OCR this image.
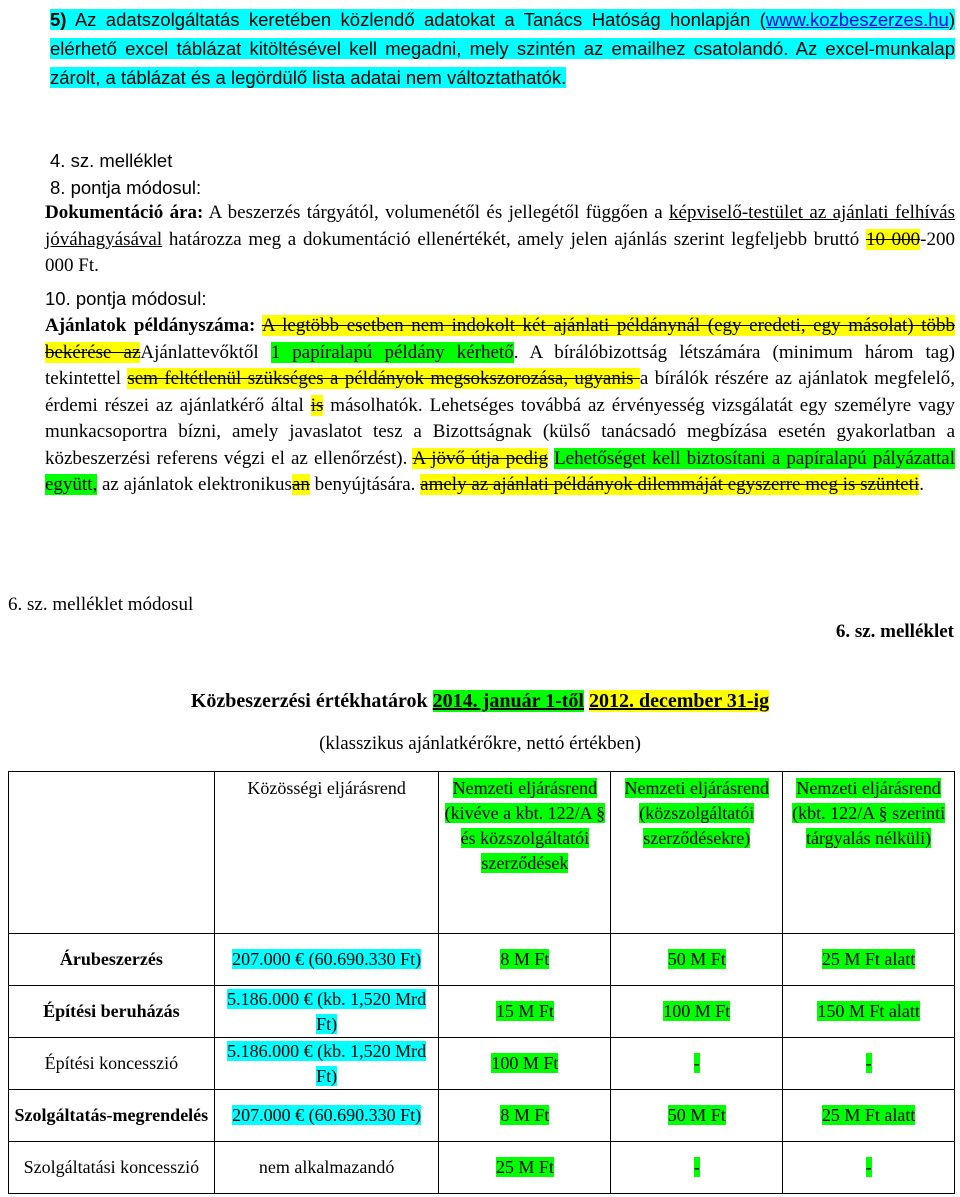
5) Az adatszolgáltatás keretében közlendő adatokat a Tanács Hatóság honlapján (www.kozbeszerzes.hu) elérhető excel táblázat kitöltésével kell megadni, mely szintén az emailhez csatolandó. Az excel-munkalap zárolt, a táblázat és a legördülő lista adatai nem változtathatók.
4. sz. melléklet
8. pontja módosul:
Dokumentáció ára: A beszerzés tárgyától, volumenétől és jellegétől függően a képviselő-testület az ajánlati felhívás jóváhagyásával határozza meg a dokumentáció ellenértékét, amely jelen ajánlás szerint legfeljebb bruttó 10 000-200 000 Ft.
10. pontja módosul:
Ajánlatok példányszáma: A legtöbb esetben nem indokolt két ajánlati példánynál (egy eredeti, egy másolat) több bekérése azAjánlattevőktől 1 papíralapú példány kérhető. A bírálóbizottság létszámára (minimum három tag) tekintettel sem feltétlenül szükséges a példányok megsokszorozása, ugyanis a bírálók részére az ajánlatok megfelelő, érdemi részei az ajánlatkérő által is másolhatók. Lehetséges továbbá az érvényesség vizsgálatát egy személyre vagy munkacsoportra bízni, amely javaslatot tesz a Bizottságnak (külső tanácsadó megbízása esetén gyakorlatban a közbeszerzési referens végzi el az ellenőrzést). A jövő útja pedig Lehetőséget kell biztosítani a papíralapú pályázattal együtt, az ajánlatok elektronikusan benyújtására. amely az ajánlati példányok dilemmáját egyszerre meg is szünteti.
6. sz. melléklet módosul
6. sz. melléklet
Közbeszerzési értékhatárok 2014. január 1-től 2012. december 31-ig
(klasszikus ajánlatkérőkre, nettó értékben)
	Közösségi eljárásrend	Nemzeti eljárásrend (kivéve a kbt. 122/A § és közszolgáltatói szerződések	Nemzeti eljárásrend (közszolgáltatói szerződésekre)	Nemzeti eljárásrend (kbt. 122/A § szerinti tárgyalás nélküli)
Árubeszerzés	207.000 € (60.690.330 Ft)	8 M Ft	50 M Ft	25 M Ft alatt
Építési beruházás	5.186.000 € (kb. 1,520 Mrd Ft)	15 M Ft	100 M Ft	150 M Ft alatt
Építési koncesszió	5.186.000 € (kb. 1,520 Mrd Ft)	100 M Ft	-	-
Szolgáltatás-megrendelés	207.000 € (60.690.330 Ft)	8 M Ft	50 M Ft	25 M Ft alatt
Szolgáltatási koncesszió	nem alkalmazandó	25 M Ft	-	-
